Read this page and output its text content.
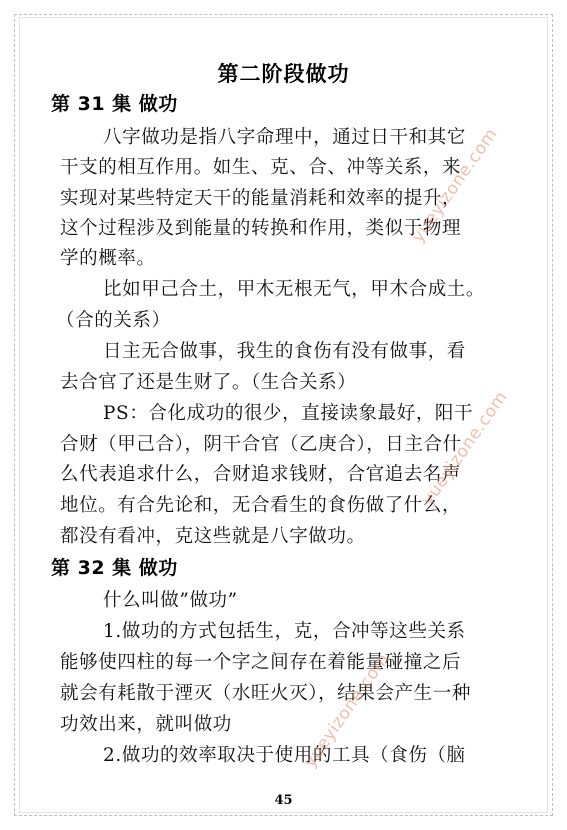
第二阶段做功
第 31 集 做功
八字做功是指八字命理中，通过日干和其它
干支的相互作用。如生、克、合、冲等关系，来
实现对某些特定天干的能量消耗和效率的提升，
这个过程涉及到能量的转换和作用，类似于物理
学的概率。
比如甲己合土，甲木无根无气，甲木合成土。
（合的关系）
日主无合做事，我生的食伤有没有做事，看
去合官了还是生财了。（生合关系）
PS：合化成功的很少，直接读象最好，阳干
合财（甲己合），阴干合官（乙庚合），日主合什
么代表追求什么，合财追求钱财，合官追去名声
地位。有合先论和，无合看生的食伤做了什么，
都没有看冲，克这些就是八字做功。
第 32 集 做功
什么叫做”做功”
1.做功的方式包括生，克，合冲等这些关系
能够使四柱的每一个字之间存在着能量碰撞之后
就会有耗散于湮灭（水旺火灭），结果会产生一种
功效出来，就叫做功
2.做功的效率取决于使用的工具（食伤（脑
45
yueyizone.com
yueyizone.com
yueyizone.com
